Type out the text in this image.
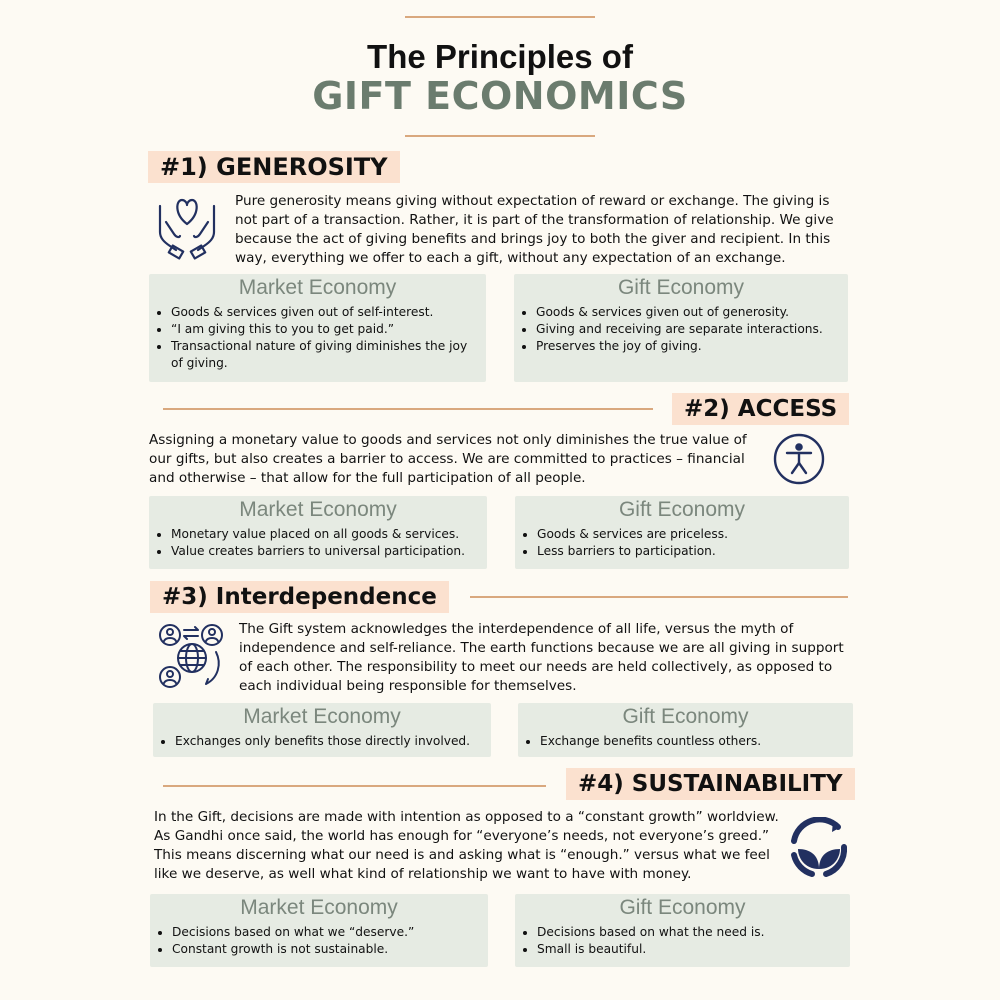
The Principles of
GIFT ECONOMICS
#1) GENEROSITY

Pure generosity means giving without expectation of reward or exchange. The giving is not part of a transaction. Rather, it is part of the transformation of relationship. We give because the act of giving benefits and brings joy to both the giver and recipient. In this way, everything we offer to each a gift, without any expectation of an exchange.

Market Economy
• Goods & services given out of self-interest.
• “I am giving this to you to get paid.”
• Transactional nature of giving diminishes the joy of giving.
Gift Economy
• Goods & services given out of generosity.
• Giving and receiving are separate interactions.
• Preserves the joy of giving.
#2) ACCESS

Assigning a monetary value to goods and services not only diminishes the true value of our gifts, but also creates a barrier to access. We are committed to practices – financial and otherwise – that allow for the full participation of all people.

Market Economy
• Monetary value placed on all goods & services.
• Value creates barriers to universal participation.
Gift Economy
• Goods & services are priceless.
• Less barriers to participation.
#3) Interdependence

The Gift system acknowledges the interdependence of all life, versus the myth of independence and self-reliance. The earth functions because we are all giving in support of each other. The responsibility to meet our needs are held collectively, as opposed to each individual being responsible for themselves.

Market Economy
• Exchanges only benefits those directly involved.
Gift Economy
• Exchange benefits countless others.
#4) SUSTAINABILITY

In the Gift, decisions are made with intention as opposed to a “constant growth” worldview. As Gandhi once said, the world has enough for “everyone’s needs, not everyone’s greed.” This means discerning what our need is and asking what is “enough.” versus what we feel like we deserve, as well what kind of relationship we want to have with money.

Market Economy
• Decisions based on what we “deserve.”
• Constant growth is not sustainable.
Gift Economy
• Decisions based on what the need is.
• Small is beautiful.
